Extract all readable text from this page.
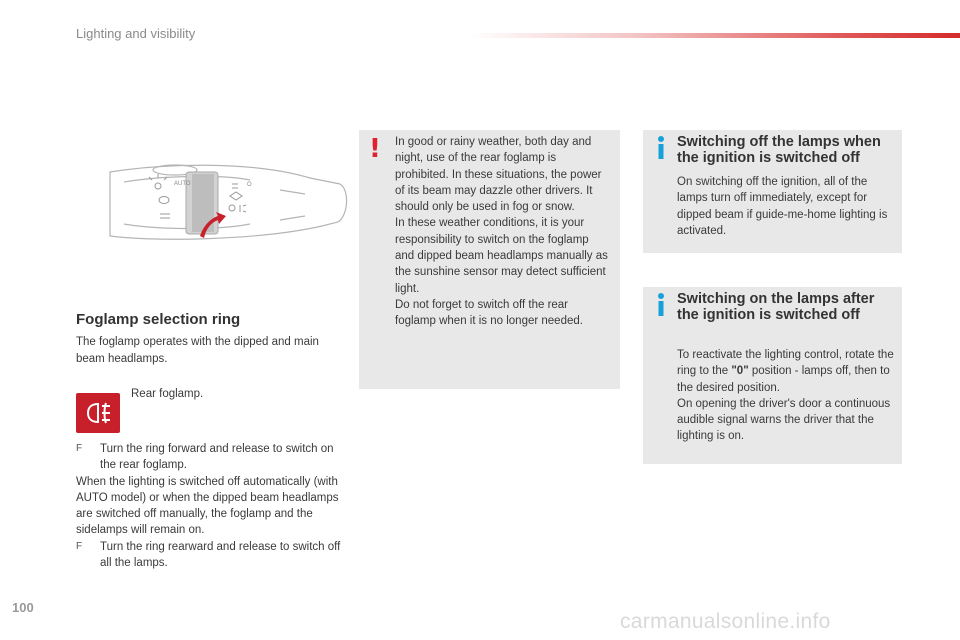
Lighting and visibility
AUTO	O
Foglamp selection ring
The foglamp operates with the dipped and main beam headlamps.
Rear foglamp.
F Turn the ring forward and release to switch on the rear foglamp.
When the lighting is switched off automatically (with AUTO model) or when the dipped beam headlamps are switched off manually, the foglamp and the sidelamps will remain on.
F Turn the ring rearward and release to switch off all the lamps.
! In good or rainy weather, both day and night, use of the rear foglamp is prohibited. In these situations, the power of its beam may dazzle other drivers. It should only be used in fog or snow.
In these weather conditions, it is your responsibility to switch on the foglamp and dipped beam headlamps manually as the sunshine sensor may detect sufficient light.
Do not forget to switch off the rear foglamp when it is no longer needed.
Switching off the lamps when the ignition is switched off
On switching off the ignition, all of the lamps turn off immediately, except for dipped beam if guide-me-home lighting is activated.
Switching on the lamps after the ignition is switched off
To reactivate the lighting control, rotate the ring to the "0" position - lamps off, then to the desired position.
On opening the driver's door a continuous audible signal warns the driver that the lighting is on.
100
carmanualsonline.info
